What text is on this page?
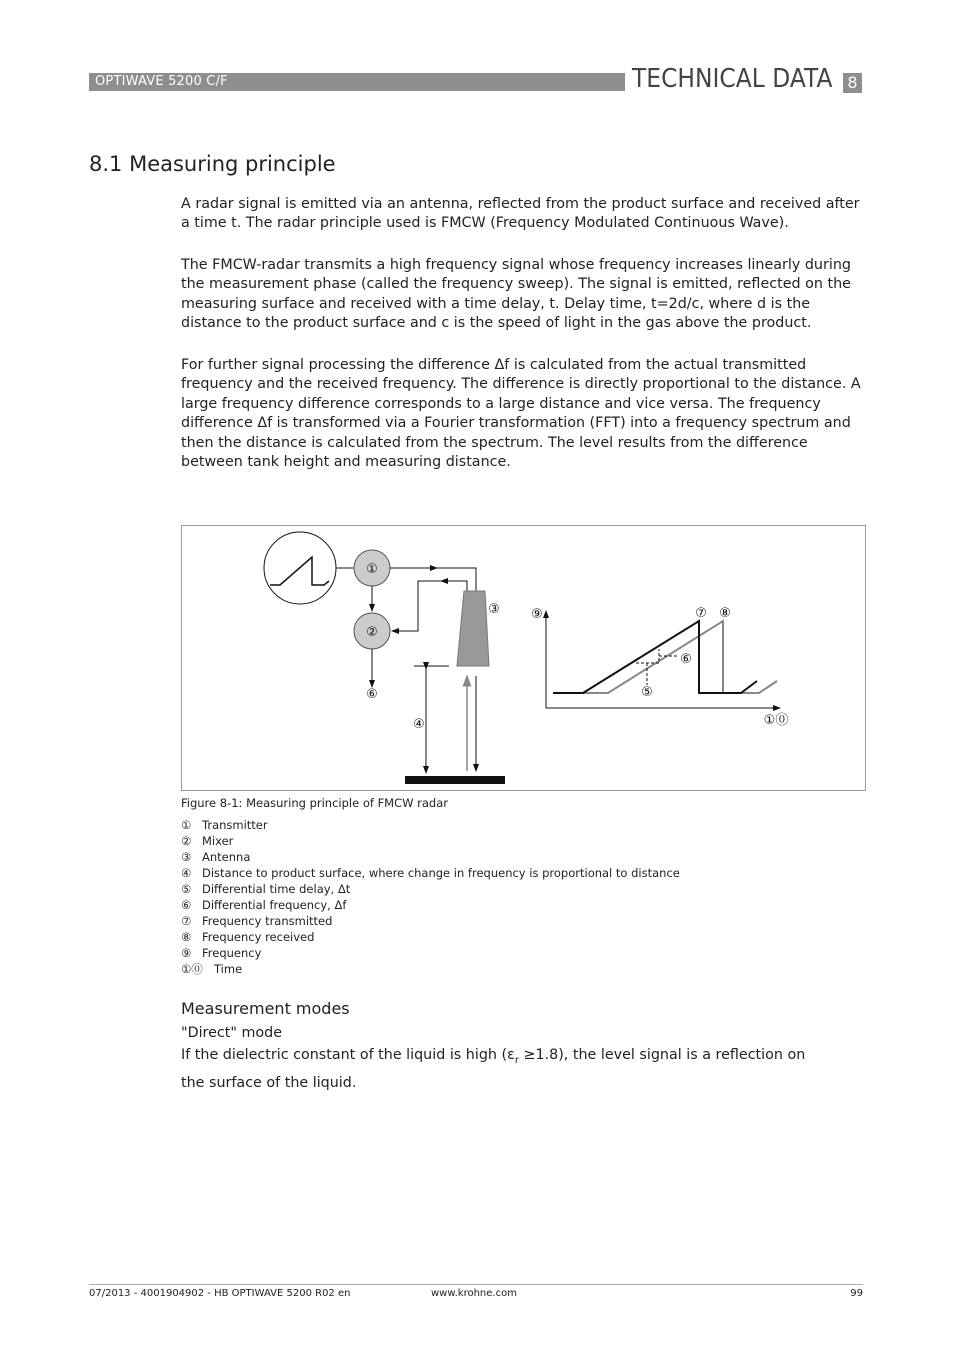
OPTIWAVE 5200 C/F	TECHNICAL DATA 8
8.1 Measuring principle

A radar signal is emitted via an antenna, reflected from the product surface and received after a time t. The radar principle used is FMCW (Frequency Modulated Continuous Wave).

The FMCW-radar transmits a high frequency signal whose frequency increases linearly during the measurement phase (called the frequency sweep). The signal is emitted, reflected on the measuring surface and received with a time delay, t. Delay time, t=2d/c, where d is the distance to the product surface and c is the speed of light in the gas above the product.

For further signal processing the difference Δf is calculated from the actual transmitted frequency and the received frequency. The difference is directly proportional to the distance. A large frequency difference corresponds to a large distance and vice versa. The frequency difference Δf is transformed via a Fourier transformation (FFT) into a frequency spectrum and then the distance is calculated from the spectrum. The level results from the difference between tank height and measuring distance.

①
②
③
④
⑤
⑥
⑥
⑦ ⑧
⑨
①⓪
Figure 8-1: Measuring principle of FMCW radar
① Transmitter
② Mixer
③ Antenna
④ Distance to product surface, where change in frequency is proportional to distance
⑤ Differential time delay, Δt
⑥ Differential frequency, Δf
⑦ Frequency transmitted
⑧ Frequency received
⑨ Frequency
①⓪ Time
Measurement modes
"Direct" mode

If the dielectric constant of the liquid is high $(\varepsilon_r \ge 1.8)$, the level signal is a reflection on the surface of the liquid.

07/2013 - 4001904902 - HB OPTIWAVE 5200 R02 en	www.krohne.com	99
